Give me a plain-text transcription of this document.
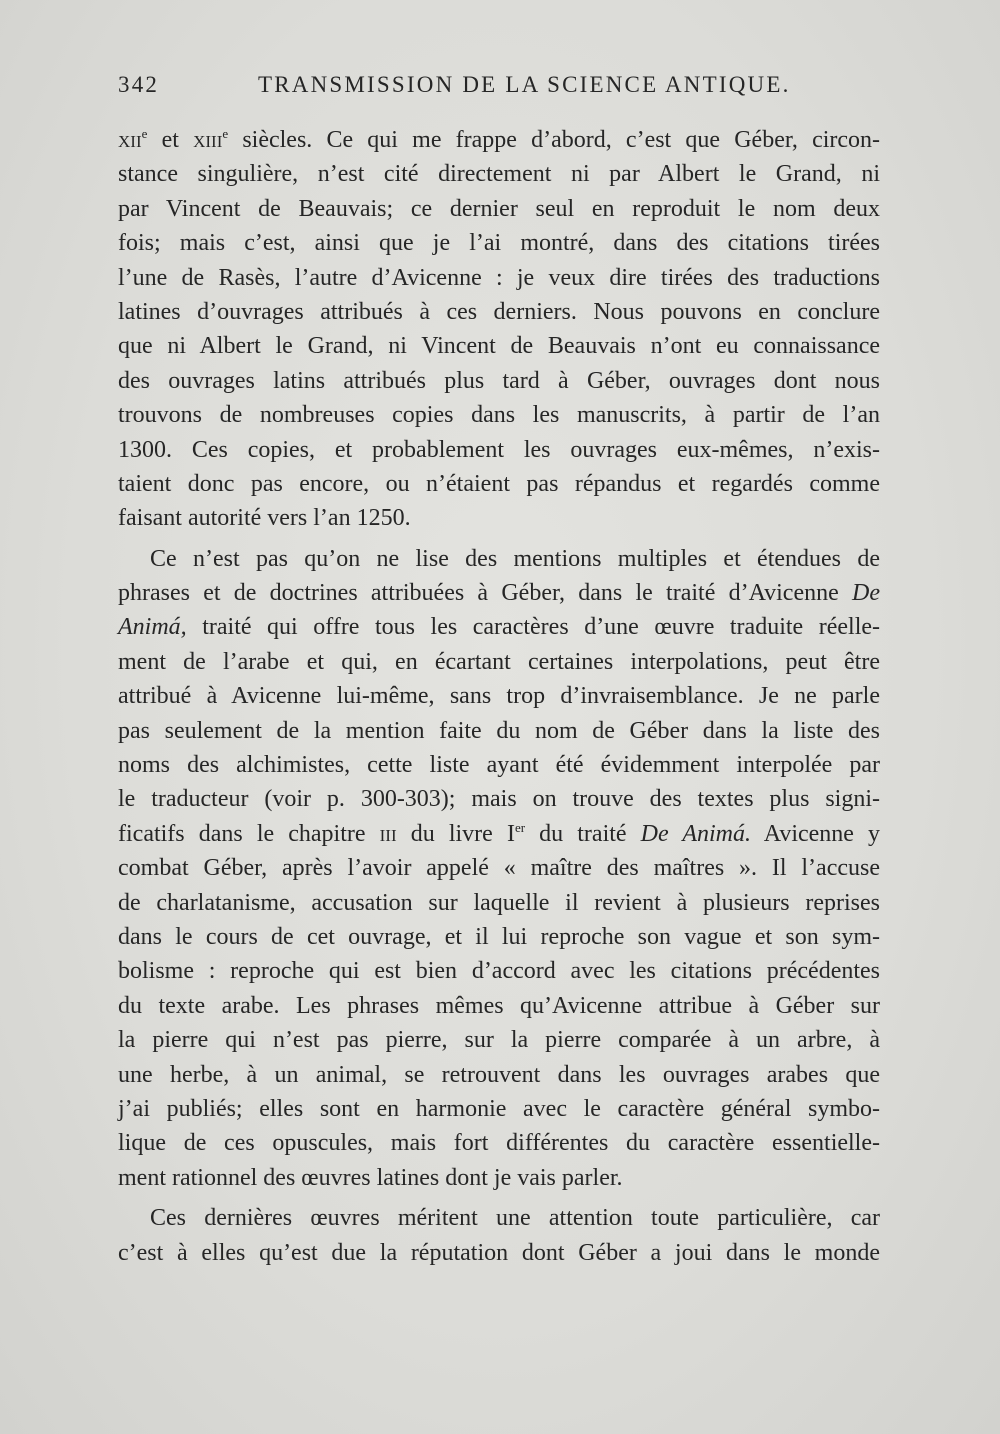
342	TRANSMISSION DE LA SCIENCE ANTIQUE.
xii$^e$ et xiii$^e$ siècles. Ce qui me frappe d’abord, c’est que Géber, circon-
stance singulière, n’est cité directement ni par Albert le Grand, ni
par Vincent de Beauvais; ce dernier seul en reproduit le nom deux
fois; mais c’est, ainsi que je l’ai montré, dans des citations tirées
l’une de Rasès, l’autre d’Avicenne : je veux dire tirées des traductions
latines d’ouvrages attribués à ces derniers. Nous pouvons en conclure
que ni Albert le Grand, ni Vincent de Beauvais n’ont eu connaissance
des ouvrages latins attribués plus tard à Géber, ouvrages dont nous
trouvons de nombreuses copies dans les manuscrits, à partir de l’an
1300. Ces copies, et probablement les ouvrages eux-mêmes, n’exis-
taient donc pas encore, ou n’étaient pas répandus et regardés comme
faisant autorité vers l’an 1250.
Ce n’est pas qu’on ne lise des mentions multiples et étendues de
phrases et de doctrines attribuées à Géber, dans le traité d’Avicenne De
Animá, traité qui offre tous les caractères d’une œuvre traduite réelle-
ment de l’arabe et qui, en écartant certaines interpolations, peut être
attribué à Avicenne lui-même, sans trop d’invraisemblance. Je ne parle
pas seulement de la mention faite du nom de Géber dans la liste des
noms des alchimistes, cette liste ayant été évidemment interpolée par
le traducteur (voir p. 300-303); mais on trouve des textes plus signi-
ficatifs dans le chapitre iii du livre Ier du traité De Animá. Avicenne y
combat Géber, après l’avoir appelé « maître des maîtres ». Il l’accuse
de charlatanisme, accusation sur laquelle il revient à plusieurs reprises
dans le cours de cet ouvrage, et il lui reproche son vague et son sym-
bolisme : reproche qui est bien d’accord avec les citations précédentes
du texte arabe. Les phrases mêmes qu’Avicenne attribue à Géber sur
la pierre qui n’est pas pierre, sur la pierre comparée à un arbre, à
une herbe, à un animal, se retrouvent dans les ouvrages arabes que
j’ai publiés; elles sont en harmonie avec le caractère général symbo-
lique de ces opuscules, mais fort différentes du caractère essentielle-
ment rationnel des œuvres latines dont je vais parler.
Ces dernières œuvres méritent une attention toute particulière, car
c’est à elles qu’est due la réputation dont Géber a joui dans le monde
